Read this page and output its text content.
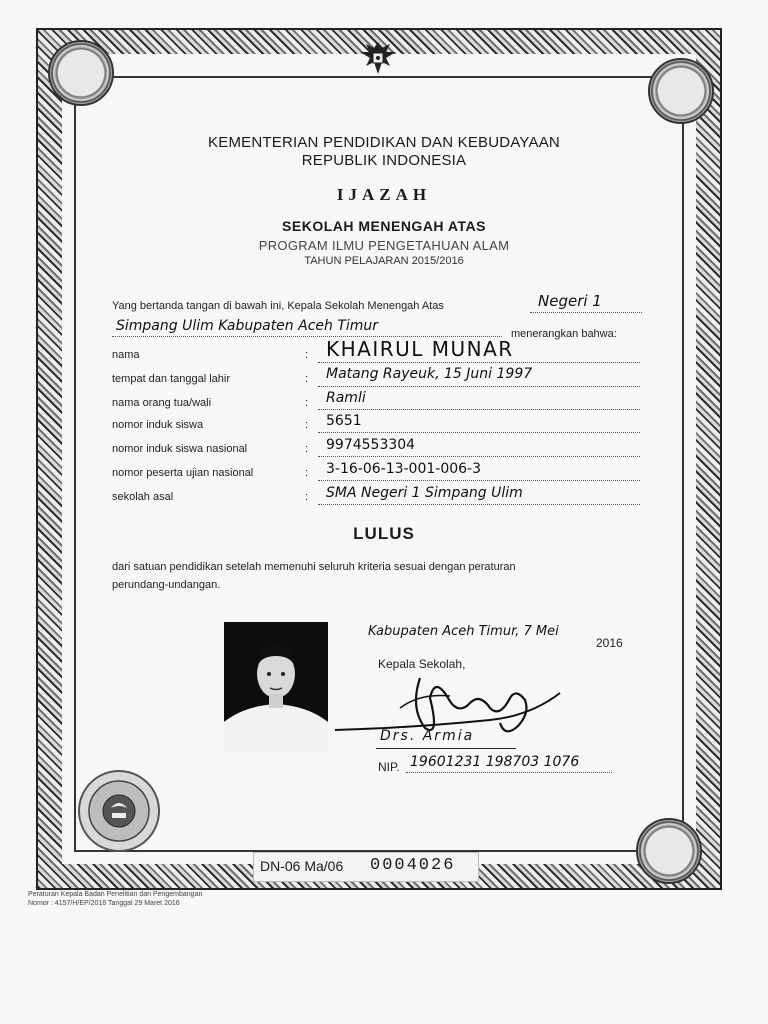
KEMENTERIAN PENDIDIKAN DAN KEBUDAYAAN
REPUBLIK INDONESIA
IJAZAH
SEKOLAH MENENGAH ATAS
PROGRAM ILMU PENGETAHUAN ALAM
TAHUN PELAJARAN 2015/2016
Yang bertanda tangan di bawah ini, Kepala Sekolah Menengah Atas	Negeri 1
Simpang Ulim Kabupaten Aceh Timur	menerangkan bahwa:
nama	: KHAIRUL MUNAR
tempat dan tanggal lahir	: Matang Rayeuk, 15 Juni 1997
nama orang tua/wali	: Ramli
nomor induk siswa	: 5651
nomor induk siswa nasional	: 9974553304
nomor peserta ujian nasional	: 3-16-06-13-001-006-3
sekolah asal	: SMA Negeri 1 Simpang Ulim
LULUS
dari satuan pendidikan setelah memenuhi seluruh kriteria sesuai dengan peraturan
perundang-undangan.
Kabupaten Aceh Timur, 7 Mei
2016
Kepala Sekolah,
Drs. Armia
NIP. 19601231 198703 1076
DN-06 Ma/06 0004026
Peraturan Kepala Badan Penelitian dan Pengembangan
Nomor : 4157/H/EP/2016 Tanggal 29 Maret 2016
